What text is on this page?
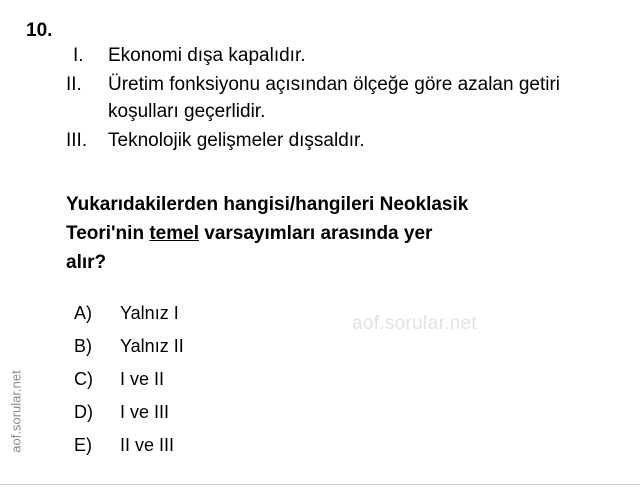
10.
I.	Ekonomi dışa kapalıdır.
II.	Üretim fonksiyonu açısından ölçeğe göre azalan getiri koşulları geçerlidir.
III.	Teknolojik gelişmeler dışsaldır.
Yukarıdakilerden hangisi/hangileri Neoklasik
Teori'nin temel varsayımları arasında yer
alır?
A)	Yalnız I
B)	Yalnız II
C)	I ve II
D)	I ve III
E)	II ve III
aof.sorular.net
aof.sorular.net
